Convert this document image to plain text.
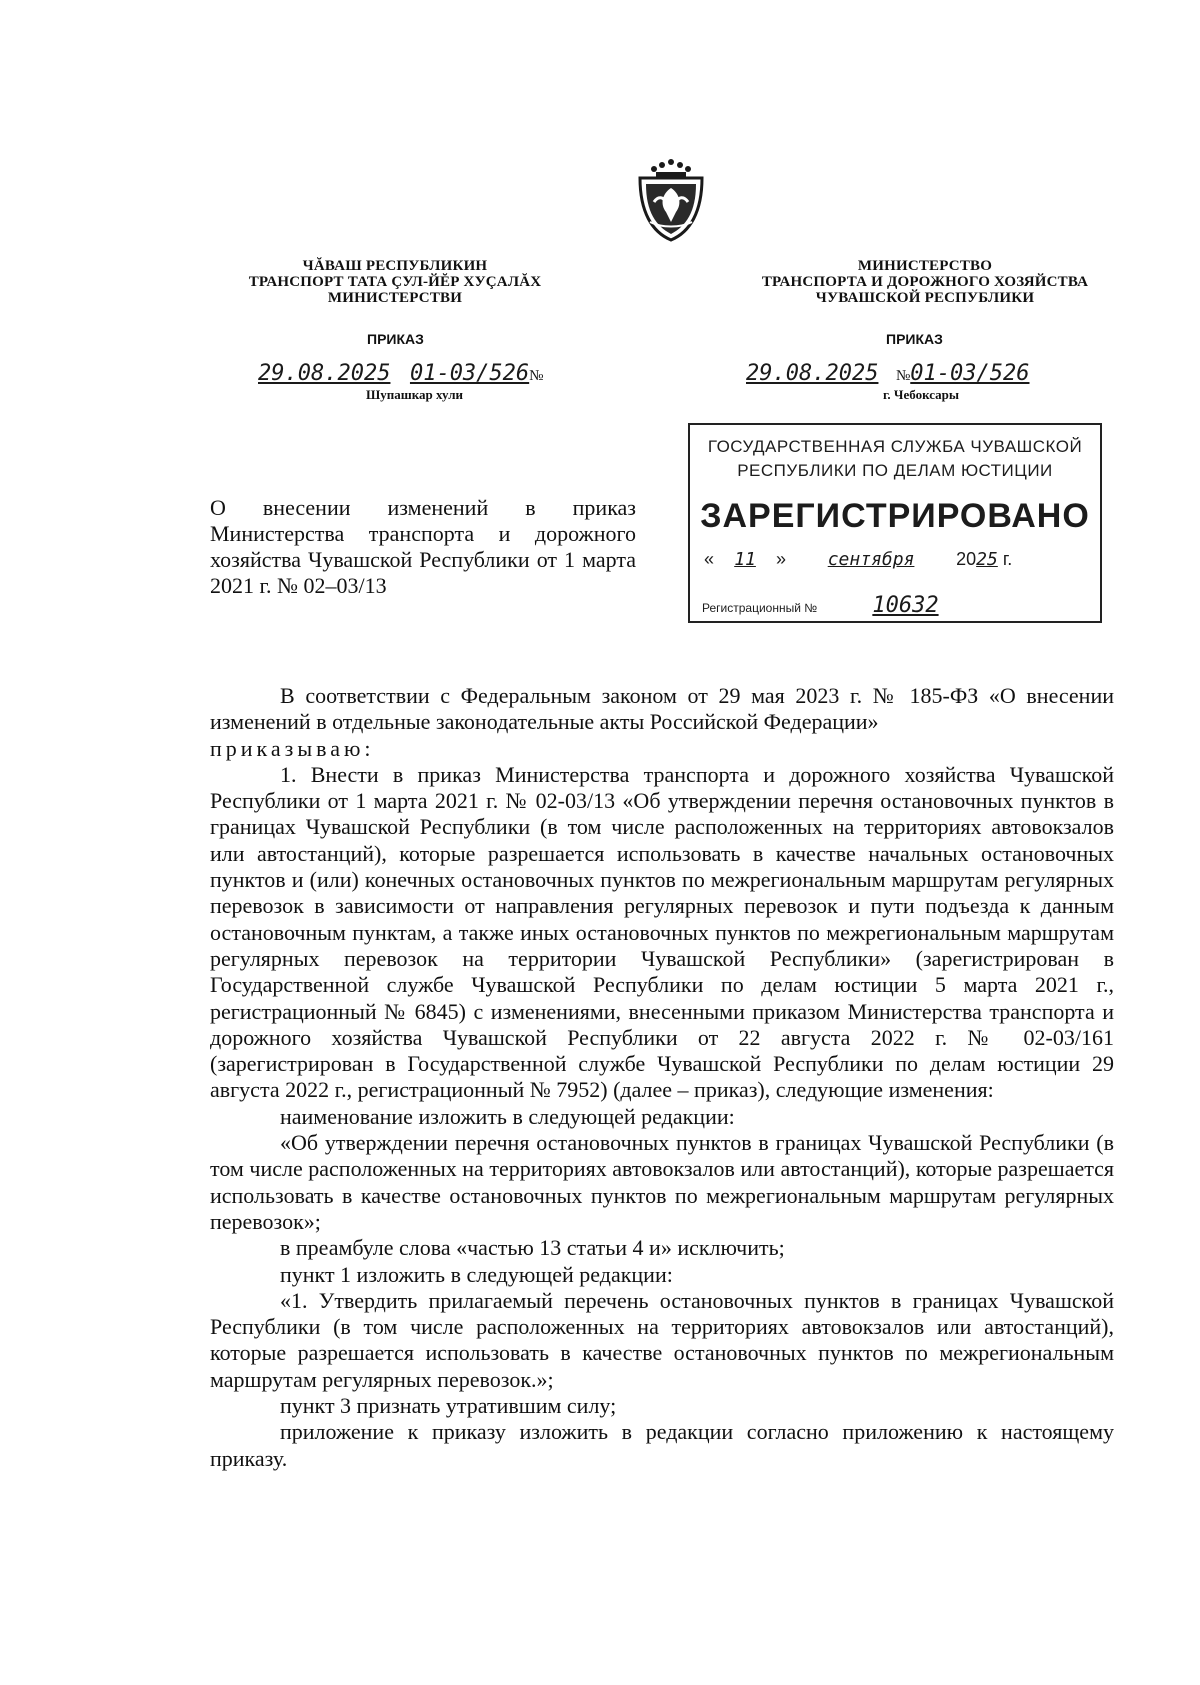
ЧĂВАШ РЕСПУБЛИКИН
ТРАНСПОРТ ТАТА ÇУЛ-ЙĔР ХУÇАЛĂХ
МИНИСТЕРСТВИ
ПРИКАЗ
29.08.2025 01-03/526№
Шупашкар хули
МИНИСТЕРСТВО
ТРАНСПОРТА И ДОРОЖНОГО ХОЗЯЙСТВА
ЧУВАШСКОЙ РЕСПУБЛИКИ
ПРИКАЗ
29.08.2025 №01-03/526
г. Чебоксары
ГОСУДАРСТВЕННАЯ СЛУЖБА ЧУВАШСКОЙ
РЕСПУБЛИКИ ПО ДЕЛАМ ЮСТИЦИИ
ЗАРЕГИСТРИРОВАНО
« 11 » сентября 2025 г.
Регистрационный №	10632
О внесении изменений в приказ Министерства транспорта и дорожного хозяйства Чувашской Республики от 1 марта 2021 г. № 02–03/13

В соответствии с Федеральным законом от 29 мая 2023 г. № 185-ФЗ «О внесении изменений в отдельные законодательные акты Российской Федерации»

приказываю:

1. Внести в приказ Министерства транспорта и дорожного хозяйства Чувашской Республики от 1 марта 2021 г. № 02-03/13 «Об утверждении перечня остановочных пунктов в границах Чувашской Республики (в том числе расположенных на территориях автовокзалов или автостанций), которые разрешается использовать в качестве начальных остановочных пунктов и (или) конечных остановочных пунктов по межрегиональным маршрутам регулярных перевозок в зависимости от направления регулярных перевозок и пути подъезда к данным остановочным пунктам, а также иных остановочных пунктов по межрегиональным маршрутам регулярных перевозок на территории Чувашской Республики» (зарегистрирован в Государственной службе Чувашской Республики по делам юстиции 5 марта 2021 г., регистрационный № 6845) с изменениями, внесенными приказом Министерства транспорта и дорожного хозяйства Чувашской Республики от 22 августа 2022 г. № 02-03/161 (зарегистрирован в Государственной службе Чувашской Республики по делам юстиции 29 августа 2022 г., регистрационный № 7952) (далее – приказ), следующие изменения:

наименование изложить в следующей редакции:

«Об утверждении перечня остановочных пунктов в границах Чувашской Республики (в том числе расположенных на территориях автовокзалов или автостанций), которые разрешается использовать в качестве остановочных пунктов по межрегиональным маршрутам регулярных перевозок»;

в преамбуле слова «частью 13 статьи 4 и» исключить;

пункт 1 изложить в следующей редакции:

«1. Утвердить прилагаемый перечень остановочных пунктов в границах Чувашской Республики (в том числе расположенных на территориях автовокзалов или автостанций), которые разрешается использовать в качестве остановочных пунктов по межрегиональным маршрутам регулярных перевозок.»;

пункт 3 признать утратившим силу;

приложение к приказу изложить в редакции согласно приложению к настоящему приказу.
